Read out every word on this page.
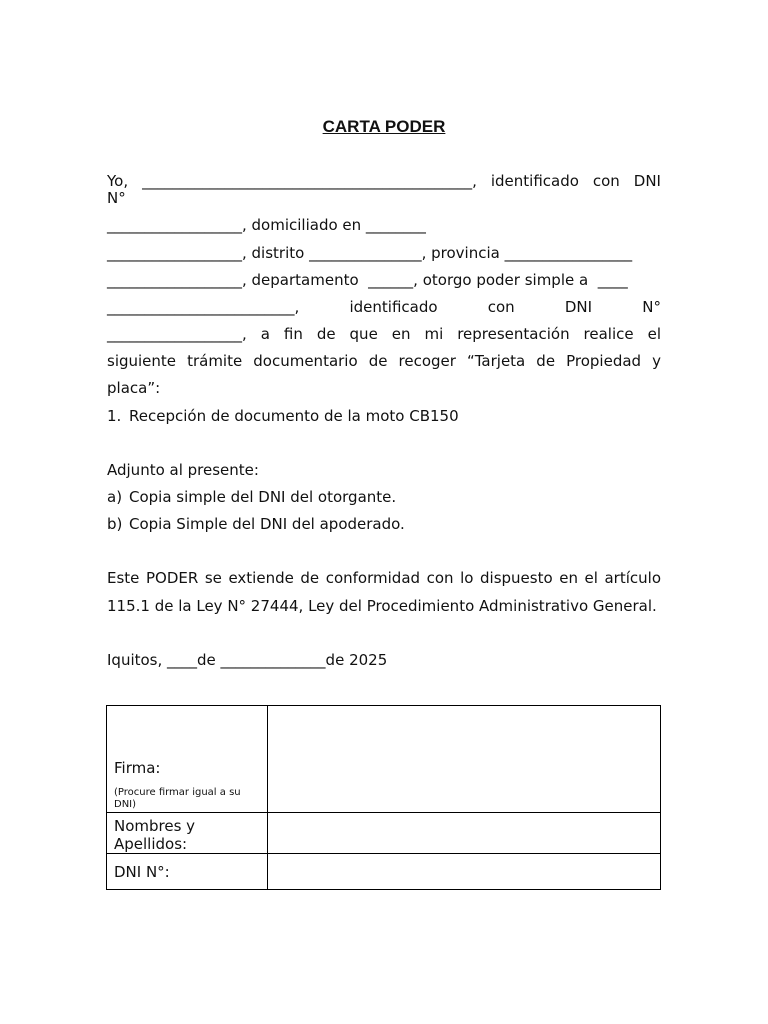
CARTA PODER
Yo, ____________________________________________, identificado con DNI
N°
__________________, domiciliado en ________
__________________, distrito _______________, provincia _________________
__________________, departamento  ______, otorgo poder simple a  ____
_________________________, identificado con DNI N°
__________________, a fin de que en mi representación realice el
siguiente trámite documentario de recoger “Tarjeta de Propiedad y
placa”:
1. Recepción de documento de la moto CB150
Adjunto al presente:
a) Copia simple del DNI del otorgante.
b) Copia Simple del DNI del apoderado.
Este PODER se extiende de conformidad con lo dispuesto en el artículo
115.1 de la Ley N° 27444, Ley del Procedimiento Administrativo General.
Iquitos, ____de ______________de 2025
Firma:
(Procure firmar igual a su DNI)	

Nombres y Apellidos:	
DNI N°:	
